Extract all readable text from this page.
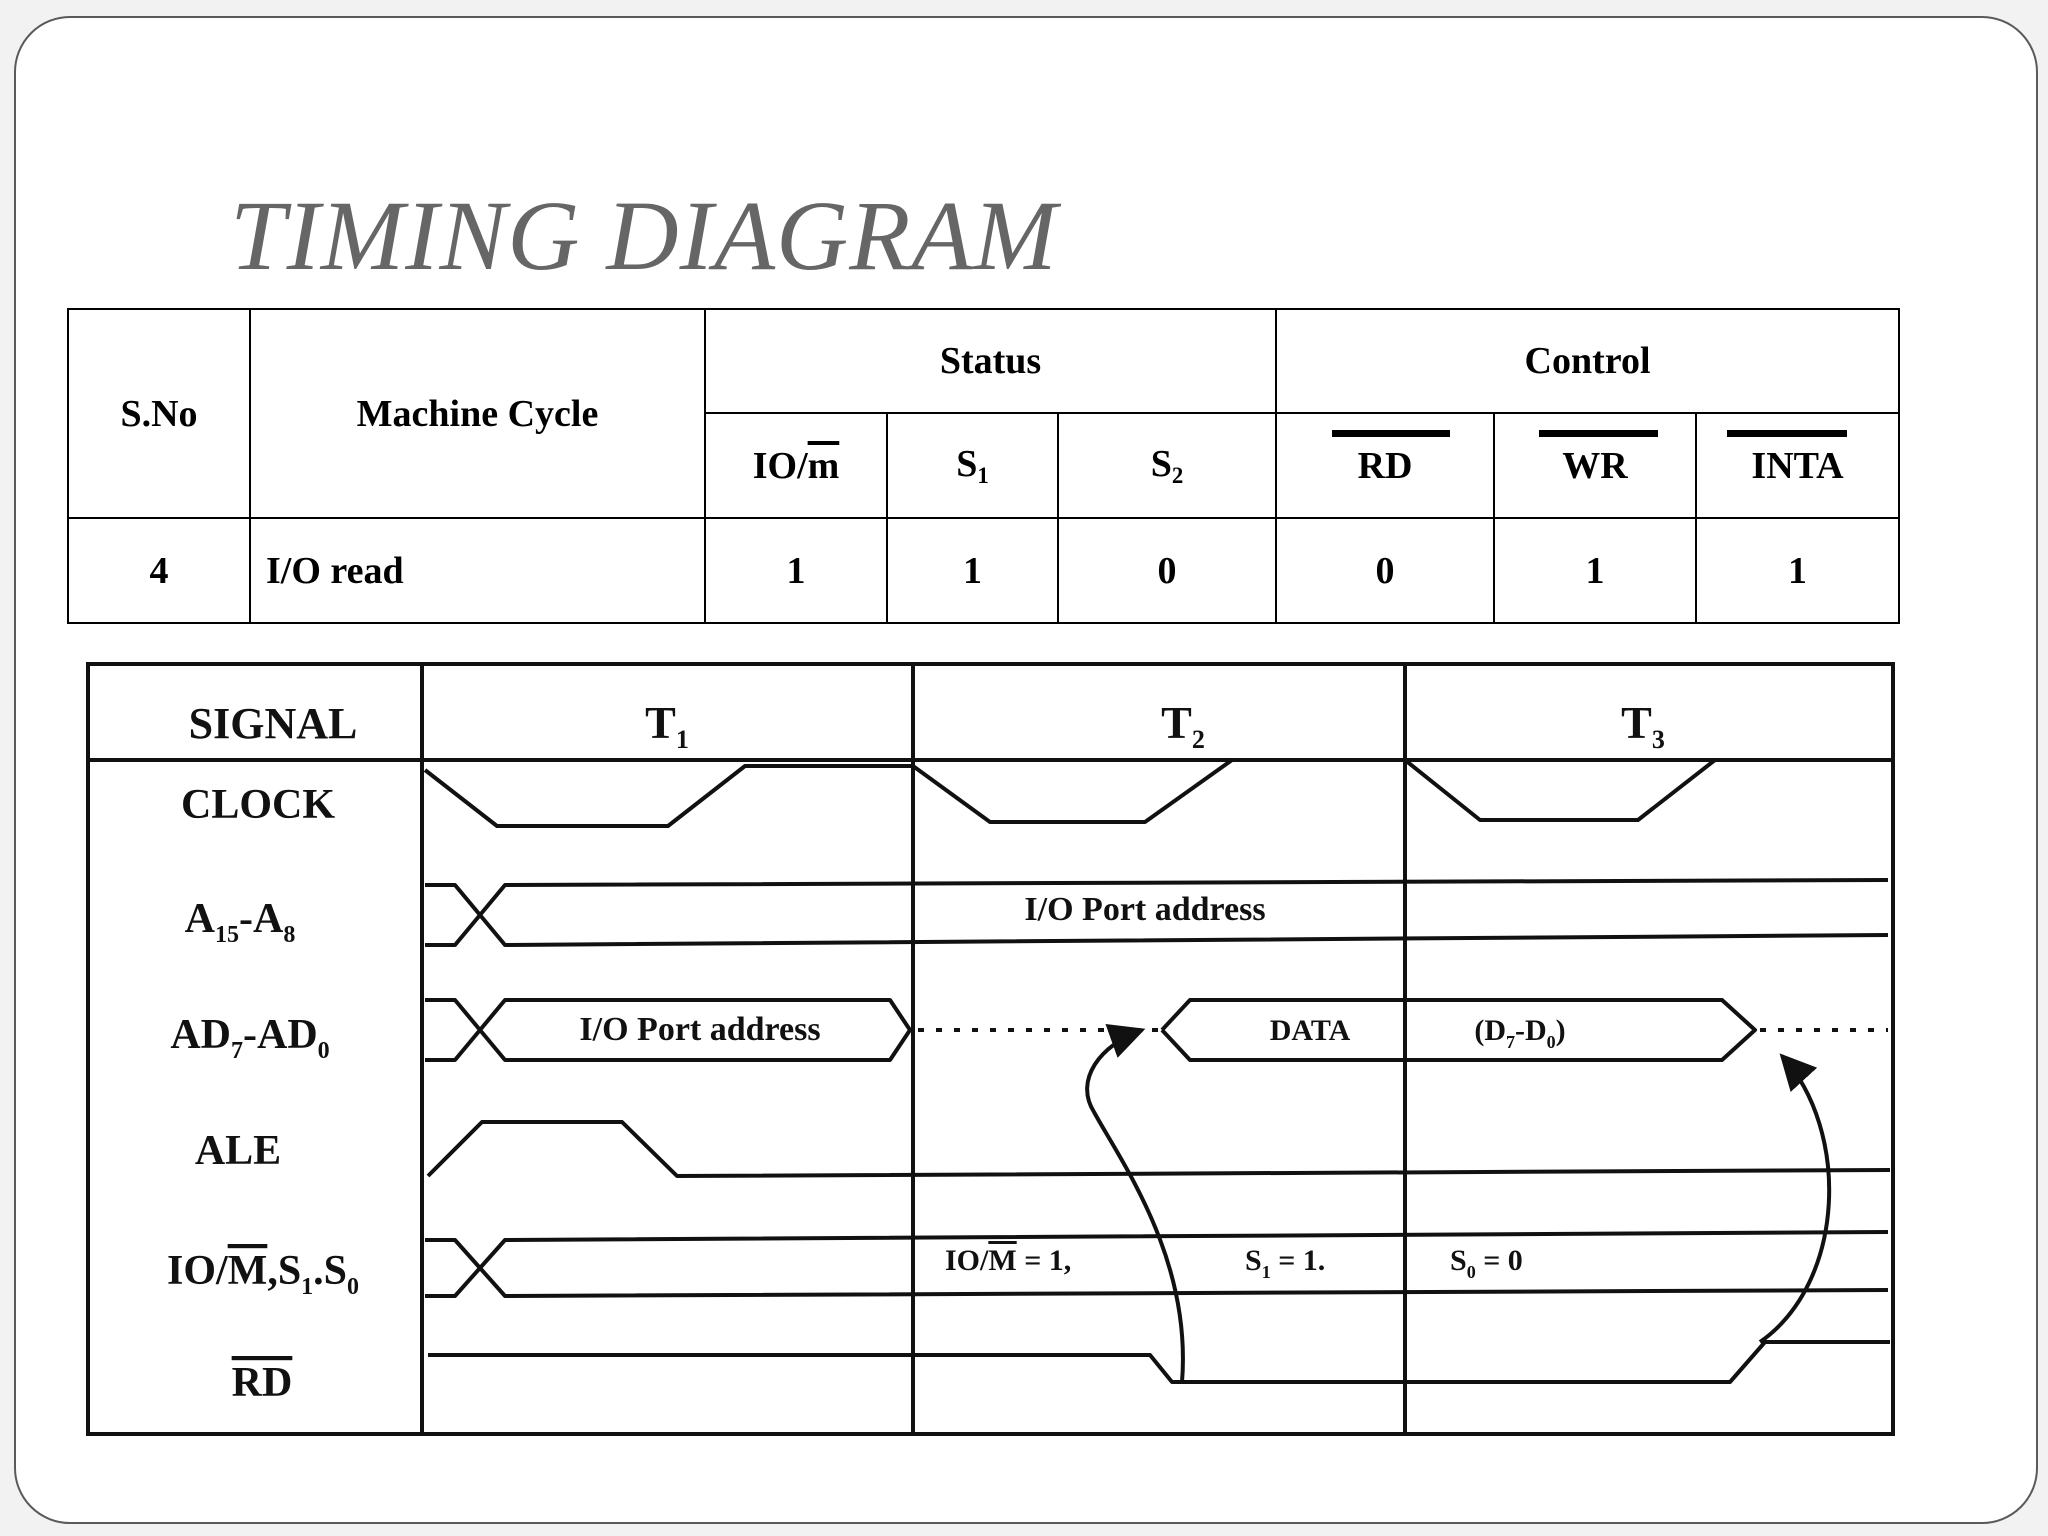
TIMING DIAGRAM
S.No	Machine Cycle	Status			Control		
		$IO/\overline{m}$	$S_1$	$S_2$	RD	WR	INTA
4	I/O read	1	1	0	0	1	1
SIGNAL	$T_1$	$T_2$	$T_3$
CLOCK
$A_{15}-A_8$
$AD_7-AD_0$
ALE
$IO/M,S_1.S_0$
RD
I/O Port address
I/O Port address	DATA	$(D_7-D_0)$
IO/M = 1,	$S_1 = 1$.	$S_0 = 0$
